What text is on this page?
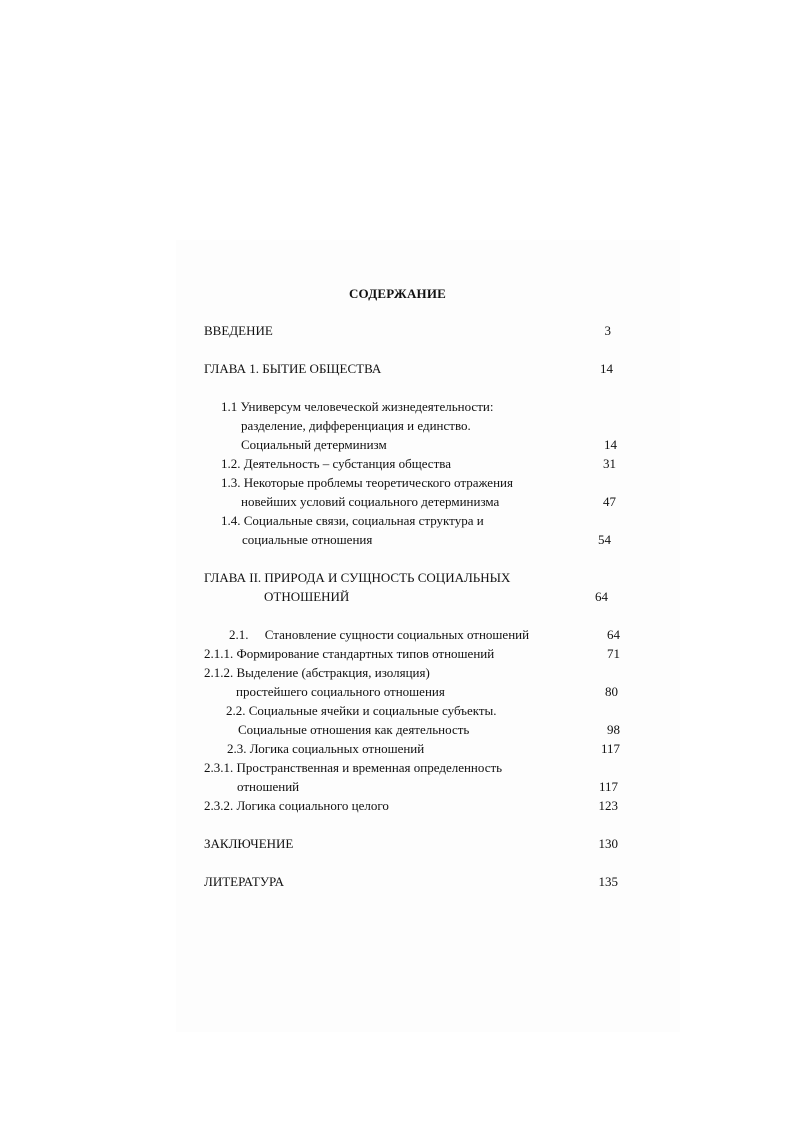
СОДЕРЖАНИЕ
ВВЕДЕНИЕ	3
ГЛАВА 1. БЫТИЕ ОБЩЕСТВА	14
1.1 Универсум человеческой жизнедеятельности:
разделение, дифференциация и единство.
Социальный детерминизм	14
1.2. Деятельность – субстанция общества	31
1.3. Некоторые проблемы теоретического отражения
новейших условий социального детерминизма	47
1.4. Социальные связи, социальная структура и
социальные отношения	54
ГЛАВА II. ПРИРОДА И СУЩНОСТЬ СОЦИАЛЬНЫХ
ОТНОШЕНИЙ	64
2.1.     Становление сущности социальных отношений	64
2.1.1. Формирование стандартных типов отношений	71
2.1.2. Выделение (абстракция, изоляция)
простейшего социального отношения	80
2.2. Социальные ячейки и социальные субъекты.
Социальные отношения как деятельность	98
2.3. Логика социальных отношений	117
2.3.1. Пространственная и временная определенность
отношений	117
2.3.2. Логика социального целого	123
ЗАКЛЮЧЕНИЕ	130
ЛИТЕРАТУРА	135
